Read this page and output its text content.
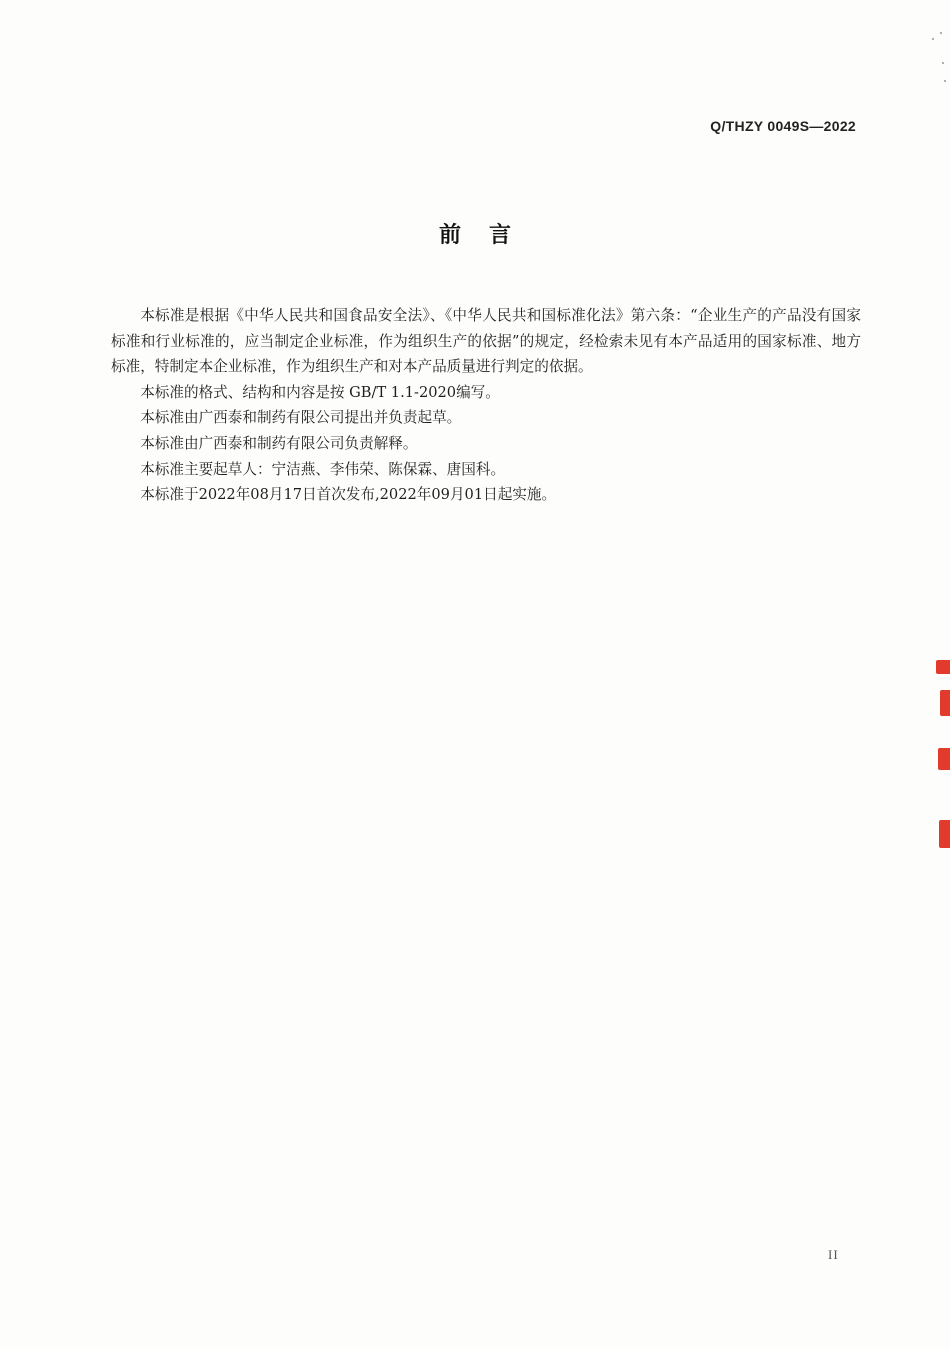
Q/THZY 0049S—2022
前言

本标准是根据《中华人民共和国食品安全法》、《中华人民共和国标准化法》第六条：“企业生产的产品没有国家标准和行业标准的，应当制定企业标准，作为组织生产的依据”的规定，经检索未见有本产品适用的国家标准、地方标准，特制定本企业标准，作为组织生产和对本产品质量进行判定的依据。

本标准的格式、结构和内容是按 GB/T 1.1-2020编写。

本标准由广西泰和制药有限公司提出并负责起草。

本标准由广西泰和制药有限公司负责解释。

本标准主要起草人：宁洁燕、李伟荣、陈保霖、唐国科。

本标准于2022年08月17日首次发布,2022年09月01日起实施。

II
